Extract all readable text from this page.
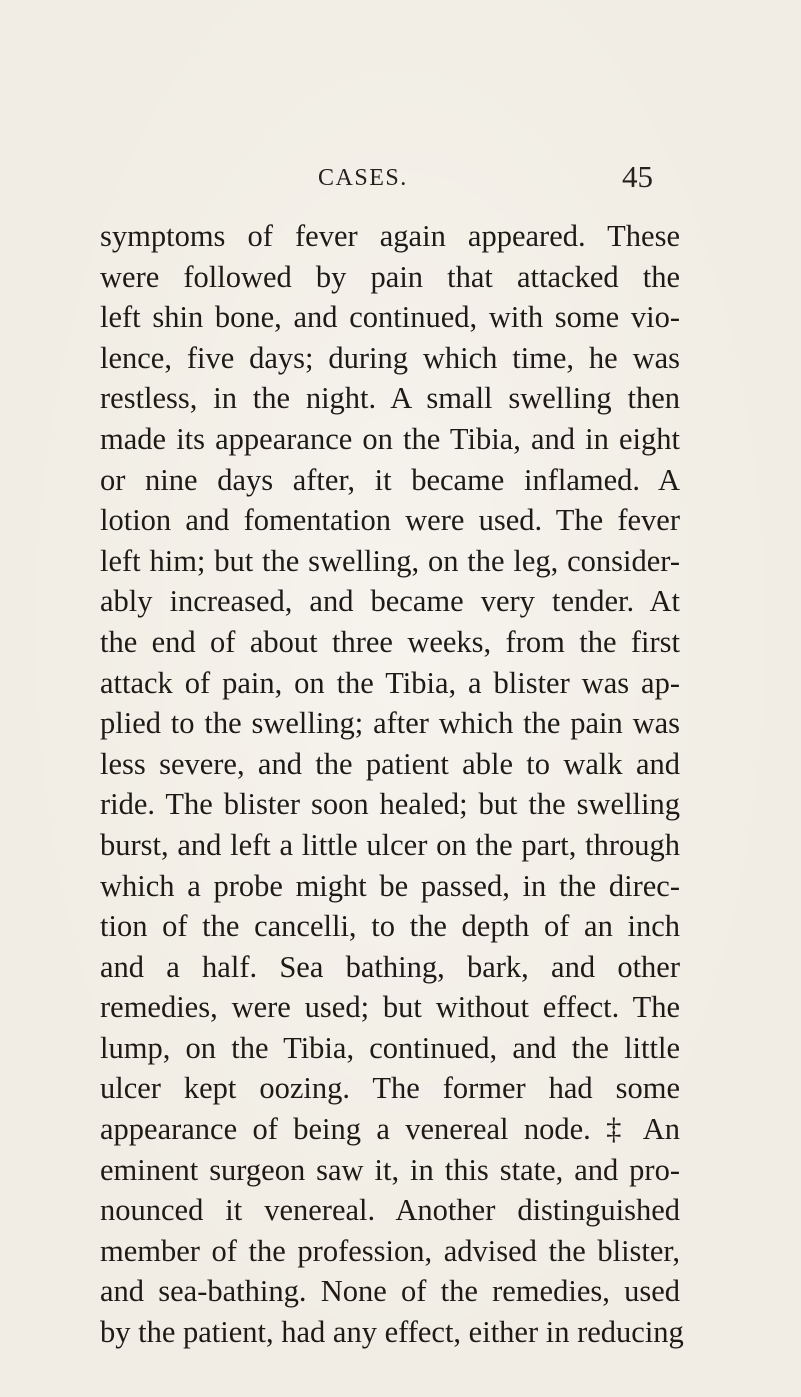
CASES.	45
symptoms of fever again appeared. These
were followed by pain that attacked the
left shin bone, and continued, with some vio-
lence, five days; during which time, he was
restless, in the night. A small swelling then
made its appearance on the Tibia, and in eight
or nine days after, it became inflamed. A
lotion and fomentation were used. The fever
left him; but the swelling, on the leg, consider-
ably increased, and became very tender. At
the end of about three weeks, from the first
attack of pain, on the Tibia, a blister was ap-
plied to the swelling; after which the pain was
less severe, and the patient able to walk and
ride. The blister soon healed; but the swelling
burst, and left a little ulcer on the part, through
which a probe might be passed, in the direc-
tion of the cancelli, to the depth of an inch
and a half. Sea bathing, bark, and other
remedies, were used; but without effect. The
lump, on the Tibia, continued, and the little
ulcer kept oozing. The former had some
appearance of being a venereal node. ‡ An
eminent surgeon saw it, in this state, and pro-
nounced it venereal. Another distinguished
member of the profession, advised the blister,
and sea-bathing. None of the remedies, used
by the patient, had any effect, either in reducing
